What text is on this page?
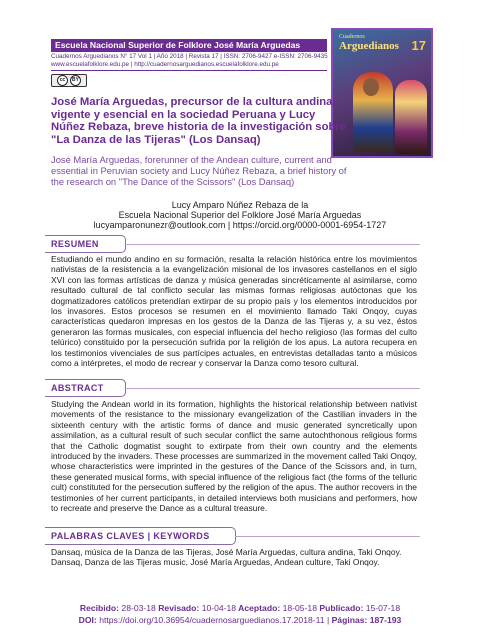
Escuela Nacional Superior de Folklore José María Arguedas
Cuadernos Arguedianos N° 17 Vol 1 | Año 2018 | Revista 17 | ISSN: 2706-9427 e-ISSN: 2706-9435
www.escuelafolklore.edu.pe | http://cuadernosarguedianos.escuelafolklore.edu.pe
cc	BY
Cuadernos
Arguedianos 17
José María Arguedas, precursor de la cultura andina, vigente y esencial en la sociedad Peruana y Lucy Núñez Rebaza, breve historia de la investigación sobre "La Danza de las Tijeras" (Los Dansaq)
José María Arguedas, forerunner of the Andean culture, current and essential in Peruvian society and Lucy Núñez Rebaza, a brief history of the research on "The Dance of the Scissors" (Los Dansaq)
Lucy Amparo Núñez Rebaza de la
Escuela Nacional Superior del Folklore José María Arguedas
lucyamparonunezr@outlook.com | https://orcid.org/0000-0001-6954-1727
RESUMEN
Estudiando el mundo andino en su formación, resalta la relación histórica entre los movimientos nativistas de la resistencia a la evangelización misional de los invasores castellanos en el siglo XVI con las formas artísticas de danza y música generadas sincréticamente al asimilarse, como resultado cultural de tal conflicto secular las mismas formas religiosas autóctonas que los dogmatizadores católicos pretendían extirpar de su propio país y los elementos introducidos por los invasores. Estos procesos se resumen en el movimiento llamado Taki Onqoy, cuyas características quedaron impresas en los gestos de la Danza de las Tijeras y, a su vez, éstos generaron las formas musicales, con especial influencia del hecho religioso (las formas del culto telúrico) constituido por la persecución sufrida por la religión de los apus. La autora recupera en los testimonios vivenciales de sus partícipes actuales, en entrevistas detalladas tanto a músicos como a intérpretes, el modo de recrear y conservar la Danza como tesoro cultural.
ABSTRACT
Studying the Andean world in its formation, highlights the historical relationship between nativist movements of the resistance to the missionary evangelization of the Castilian invaders in the sixteenth century with the artistic forms of dance and music generated syncretically upon assimilation, as a cultural result of such secular conflict the same autochthonous religious forms that the Catholic dogmatist sought to extirpate from their own country and the elements introduced by the invaders. These processes are summarized in the movement called Taki Onqoy, whose characteristics were imprinted in the gestures of the Dance of the Scissors and, in turn, these generated musical forms, with special influence of the religious fact (the forms of the telluric cult) constituted for the persecution suffered by the religion of the apus. The author recovers in the testimonies of her current participants, in detailed interviews both musicians and performers, how to recreate and preserve the Dance as a cultural treasure.
PALABRAS CLAVES | KEYWORDS
Dansaq, música de la Danza de las Tijeras, José María Arguedas, cultura andina, Taki Onqoy.
Dansaq, Danza de las Tijeras music, José María Arguedas, Andean culture, Taki Onqoy.
Recibido: 28-03-18 Revisado: 10-04-18 Aceptado: 18-05-18 Publicado: 15-07-18
DOI: https://doi.org/10.36954/cuadernosarguedianos.17.2018-11 | Páginas: 187-193
